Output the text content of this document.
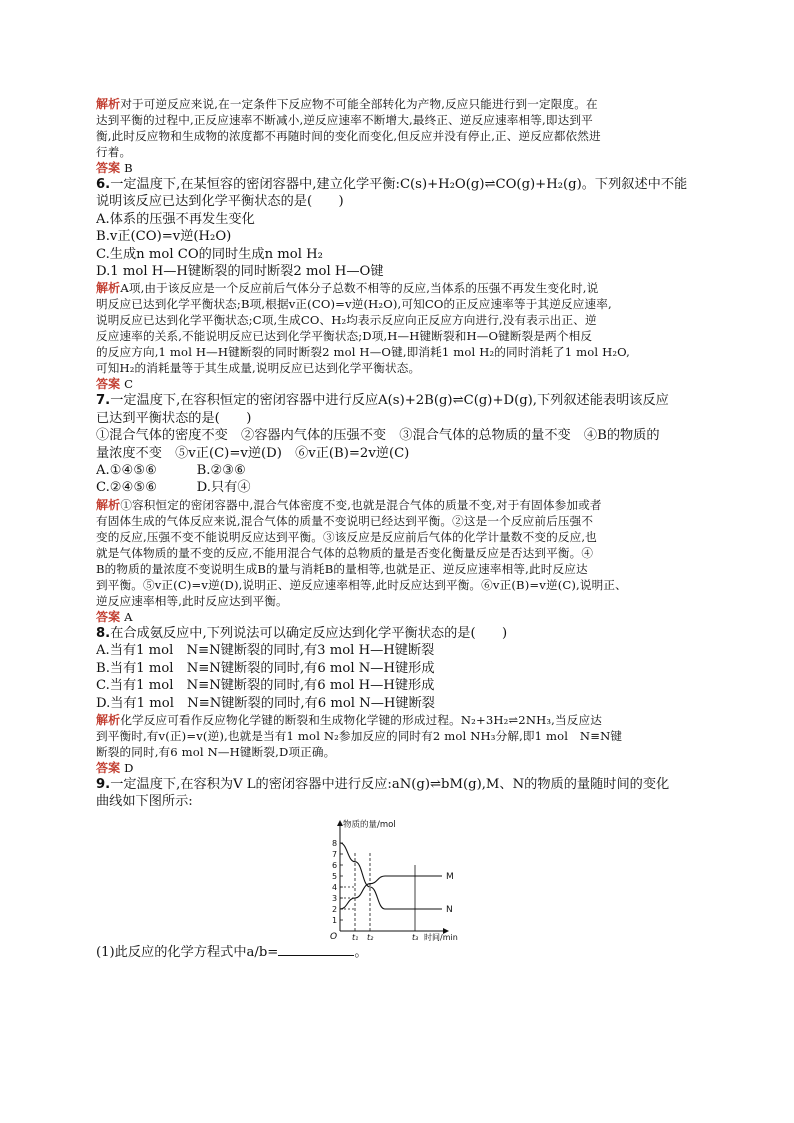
解析对于可逆反应来说,在一定条件下反应物不可能全部转化为产物,反应只能进行到一定限度。在
达到平衡的过程中,正反应速率不断减小,逆反应速率不断增大,最终正、逆反应速率相等,即达到平
衡,此时反应物和生成物的浓度都不再随时间的变化而变化,但反应并没有停止,正、逆反应都依然进
行着。
答案 B
6.一定温度下,在某恒容的密闭容器中,建立化学平衡:C(s)+H₂O(g)⇌CO(g)+H₂(g)。下列叙述中不能
说明该反应已达到化学平衡状态的是(　　)
A.体系的压强不再发生变化
B.v正(CO)=v逆(H₂O)
C.生成n mol CO的同时生成n mol H₂
D.1 mol H—H键断裂的同时断裂2 mol H—O键
解析A项,由于该反应是一个反应前后气体分子总数不相等的反应,当体系的压强不再发生变化时,说
明反应已达到化学平衡状态;B项,根据v正(CO)=v逆(H₂O),可知CO的正反应速率等于其逆反应速率,
说明反应已达到化学平衡状态;C项,生成CO、H₂均表示反应向正反应方向进行,没有表示出正、逆
反应速率的关系,不能说明反应已达到化学平衡状态;D项,H—H键断裂和H—O键断裂是两个相反
的反应方向,1 mol H—H键断裂的同时断裂2 mol H—O键,即消耗1 mol H₂的同时消耗了1 mol H₂O,
可知H₂的消耗量等于其生成量,说明反应已达到化学平衡状态。
答案 C
7.一定温度下,在容积恒定的密闭容器中进行反应A(s)+2B(g)⇌C(g)+D(g),下列叙述能表明该反应
已达到平衡状态的是(　　)
①混合气体的密度不变　②容器内气体的压强不变　③混合气体的总物质的量不变　④B的物质的
量浓度不变　⑤v正(C)=v逆(D)　⑥v正(B)=2v逆(C)
A.①④⑤⑥　　　B.②③⑥
C.②④⑤⑥　　　D.只有④
解析①容积恒定的密闭容器中,混合气体密度不变,也就是混合气体的质量不变,对于有固体参加或者
有固体生成的气体反应来说,混合气体的质量不变说明已经达到平衡。②这是一个反应前后压强不
变的反应,压强不变不能说明反应达到平衡。③该反应是反应前后气体的化学计量数不变的反应,也
就是气体物质的量不变的反应,不能用混合气体的总物质的量是否变化衡量反应是否达到平衡。④
B的物质的量浓度不变说明生成B的量与消耗B的量相等,也就是正、逆反应速率相等,此时反应达
到平衡。⑤v正(C)=v逆(D),说明正、逆反应速率相等,此时反应达到平衡。⑥v正(B)=v逆(C),说明正、
逆反应速率相等,此时反应达到平衡。
答案 A
8.在合成氨反应中,下列说法可以确定反应达到化学平衡状态的是(　　)
A.当有1 mol　N≡N键断裂的同时,有3 mol H—H键断裂
B.当有1 mol　N≡N键断裂的同时,有6 mol N—H键形成
C.当有1 mol　N≡N键断裂的同时,有6 mol H—H键形成
D.当有1 mol　N≡N键断裂的同时,有6 mol N—H键断裂
解析化学反应可看作反应物化学键的断裂和生成物化学键的形成过程。N₂+3H₂⇌2NH₃,当反应达
到平衡时,有v(正)=v(逆),也就是当有1 mol N₂参加反应的同时有2 mol NH₃分解,即1 mol　N≡N键
断裂的同时,有6 mol N—H键断裂,D项正确。
答案 D
9.一定温度下,在容积为V L的密闭容器中进行反应:aN(g)⇌bM(g),M、N的物质的量随时间的变化
曲线如下图所示:
物质的量/mol
时间/min
O
1
2
3
4
5
6
7
8
t₁ t₂	t₃
M
N
(1)此反应的化学方程式中a/b=	。
